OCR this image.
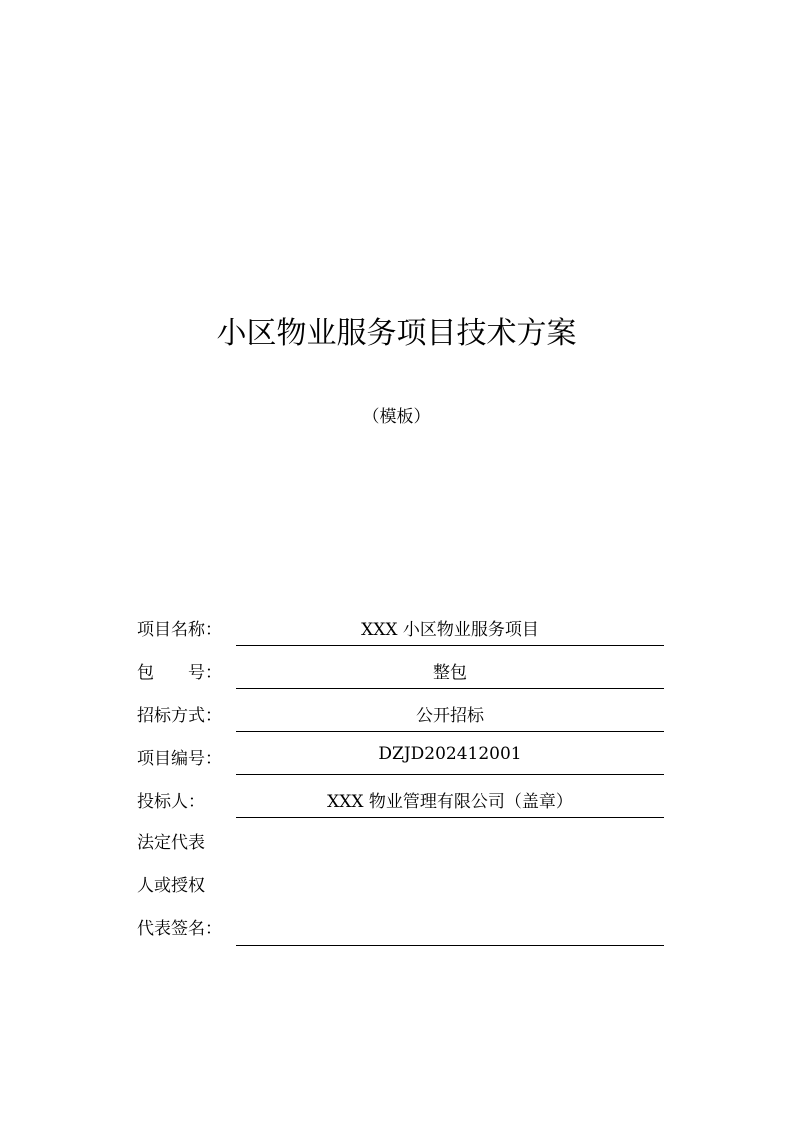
小区物业服务项目技术方案
（模板）
项目名称：	XXX 小区物业服务项目
包　　号：	整包
招标方式：	公开招标
项目编号：	DZJD202412001
投标人：	XXX 物业管理有限公司（盖章）
法定代表
人或授权
代表签名：
